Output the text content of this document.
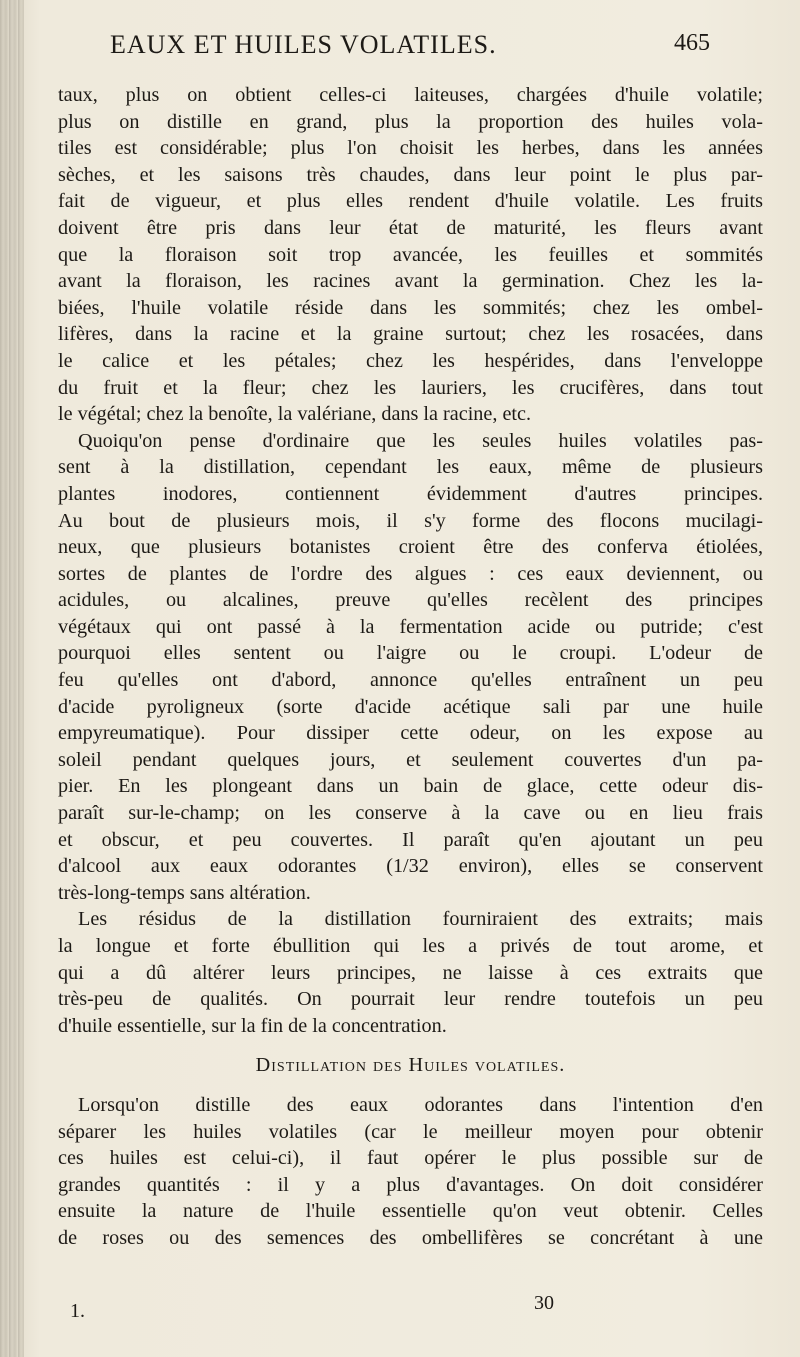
EAUX ET HUILES VOLATILES.	465
taux, plus on obtient celles-ci laiteuses, chargées d'huile volatile;
plus on distille en grand, plus la proportion des huiles vola-
tiles est considérable; plus l'on choisit les herbes, dans les années
sèches, et les saisons très chaudes, dans leur point le plus par-
fait de vigueur, et plus elles rendent d'huile volatile. Les fruits
doivent être pris dans leur état de maturité, les fleurs avant
que la floraison soit trop avancée, les feuilles et sommités
avant la floraison, les racines avant la germination. Chez les la-
biées, l'huile volatile réside dans les sommités; chez les ombel-
lifères, dans la racine et la graine surtout; chez les rosacées, dans
le calice et les pétales; chez les hespérides, dans l'enveloppe
du fruit et la fleur; chez les lauriers, les crucifères, dans tout
le végétal; chez la benoîte, la valériane, dans la racine, etc.
Quoiqu'on pense d'ordinaire que les seules huiles volatiles pas-
sent à la distillation, cependant les eaux, même de plusieurs
plantes inodores, contiennent évidemment d'autres principes.
Au bout de plusieurs mois, il s'y forme des flocons mucilagi-
neux, que plusieurs botanistes croient être des conferva étiolées,
sortes de plantes de l'ordre des algues : ces eaux deviennent, ou
acidules, ou alcalines, preuve qu'elles recèlent des principes
végétaux qui ont passé à la fermentation acide ou putride; c'est
pourquoi elles sentent ou l'aigre ou le croupi. L'odeur de
feu qu'elles ont d'abord, annonce qu'elles entraînent un peu
d'acide pyroligneux (sorte d'acide acétique sali par une huile
empyreumatique). Pour dissiper cette odeur, on les expose au
soleil pendant quelques jours, et seulement couvertes d'un pa-
pier. En les plongeant dans un bain de glace, cette odeur dis-
paraît sur-le-champ; on les conserve à la cave ou en lieu frais
et obscur, et peu couvertes. Il paraît qu'en ajoutant un peu
d'alcool aux eaux odorantes (1/32 environ), elles se conservent
très-long-temps sans altération.
Les résidus de la distillation fourniraient des extraits; mais
la longue et forte ébullition qui les a privés de tout arome, et
qui a dû altérer leurs principes, ne laisse à ces extraits que
très-peu de qualités. On pourrait leur rendre toutefois un peu
d'huile essentielle, sur la fin de la concentration.
Distillation des Huiles volatiles.
Lorsqu'on distille des eaux odorantes dans l'intention d'en
séparer les huiles volatiles (car le meilleur moyen pour obtenir
ces huiles est celui-ci), il faut opérer le plus possible sur de
grandes quantités : il y a plus d'avantages. On doit considérer
ensuite la nature de l'huile essentielle qu'on veut obtenir. Celles
de roses ou des semences des ombellifères se concrétant à une
1.	30
